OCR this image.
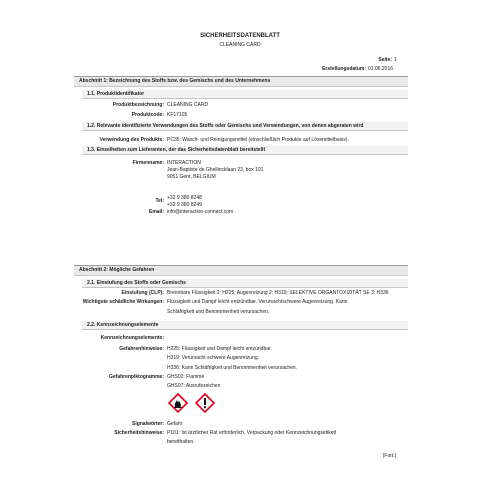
SICHERHEITSDATENBLATT
CLEANING CARD
Seite: 1
Erstellungsdatum: 01.06.2016
Abschnitt 1: Bezeichnung des Stoffs bzw. des Gemischs und des Unternehmens
1.1. Produktidentifikator
Produktbezeichnung: CLEANING CARD
Produktcode: KF17105
1.2. Relevante identifizierte Verwendungen des Stoffs oder Gemischs und Verwendungen, von denen abgeraten wird
Verwendung des Produkts: PC35: Wasch- und Reinigungsmittel (einschließlich Produkte auf Lösemittelbasis).
1.3. Einzelheiten zum Lieferanten, der das Sicherheitsdatenblatt bereitstellt
Firmenname: INTERACTION
Jean-Baptiste de Ghellincklaan 23, box 101
9051 Gent, BELGIUM
Tel: +32 9 380 8248
+32 9 380 8249
Email: info@interaction-connect.com
Abschnitt 2: Mögliche Gefahren
2.1. Einstufung des Stoffs oder Gemischs
Einstufung (CLP): Brennbare Flüssigkeit 2: H225; Augenreizung 2: H319; SELEKTIVE ORGANTOXIZITÄT SE 3: H336
Wichtigste schädliche Wirkungen: Flüssigkeit und Dampf leicht entzündbar. Verursachtschwere Augenreizung. Kann
Schläfrigkeit und Benommenheit verursachen.
2.2. Kennzeichnungselemente
Kennzeichnungselemente:
Gefahrenhinweise: H225: Flüssigkeit und Dampf leicht entzündbar.
H319: Verursacht schwere Augenreizung.
H336: Kann Schläfrigkeit und Benommenheit verursachen.
Gefahrenpiktogramme: GHS02: Flamme
GHS07: Ausrufezeichen
Signalwörter: Gefahr
Sicherheitshinweise: P101: Ist ärztlicher Rat erforderlich, Verpackung oder Kennzeichnungsetikett
bereithalten.
[Fort.]
